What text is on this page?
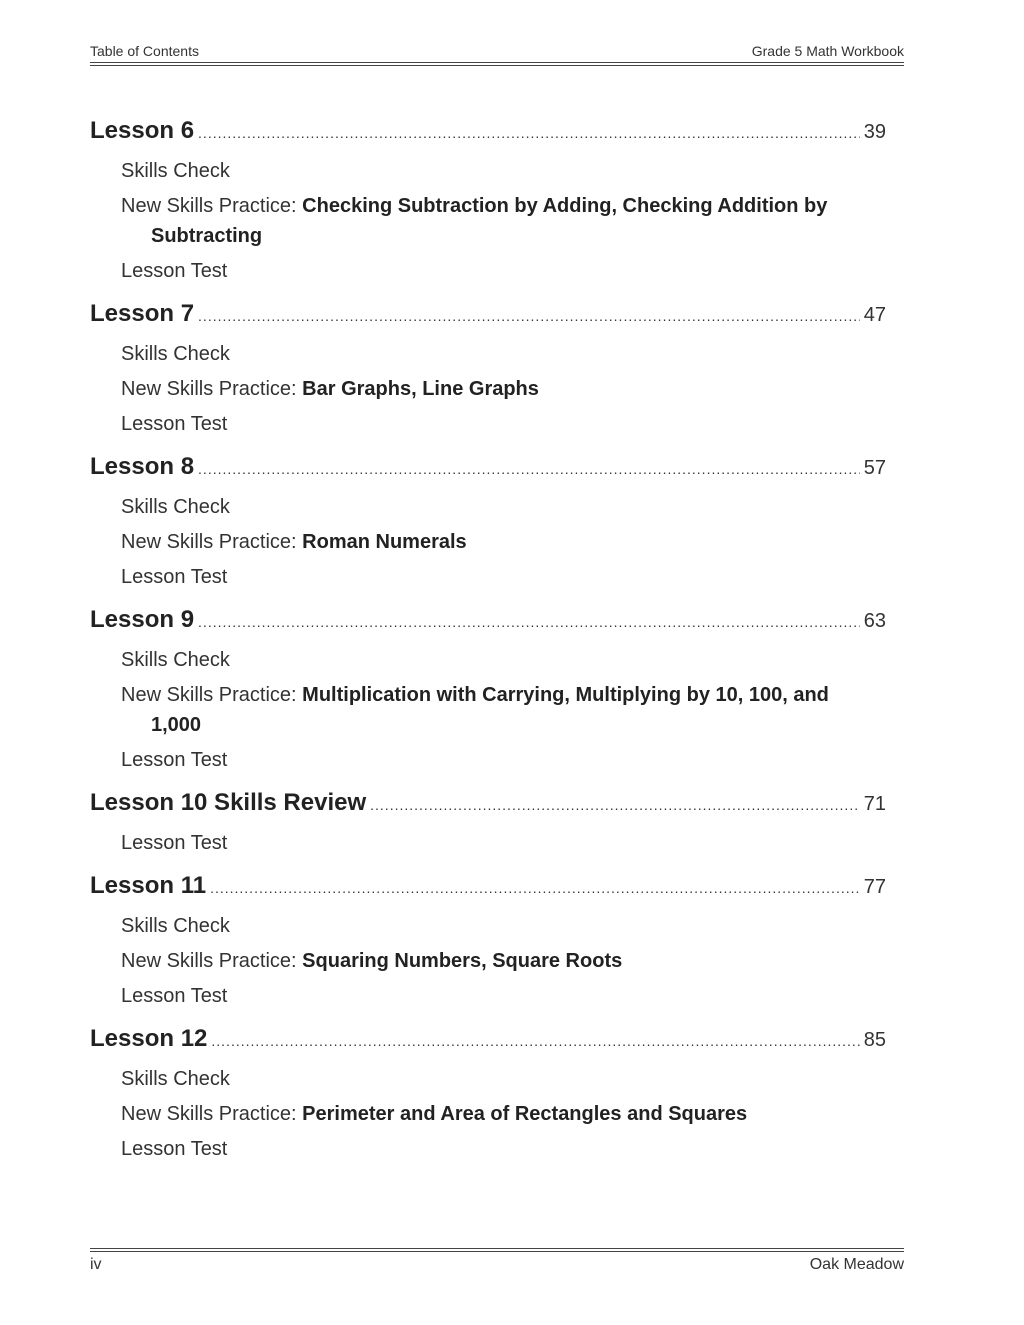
Table of Contents	Grade 5 Math Workbook
Lesson 6 .....	39
Skills Check
New Skills Practice: Checking Subtraction by Adding, Checking Addition by Subtracting
Lesson Test
Lesson 7 .....	47
Skills Check
New Skills Practice: Bar Graphs, Line Graphs
Lesson Test
Lesson 8 .....	57
Skills Check
New Skills Practice: Roman Numerals
Lesson Test
Lesson 9 .....	63
Skills Check
New Skills Practice: Multiplication with Carrying, Multiplying by 10, 100, and 1,000
Lesson Test
Lesson 10 Skills Review .....	71
Lesson Test
Lesson 11 .....	77
Skills Check
New Skills Practice: Squaring Numbers, Square Roots
Lesson Test
Lesson 12 .....	85
Skills Check
New Skills Practice: Perimeter and Area of Rectangles and Squares
Lesson Test
iv	Oak Meadow
